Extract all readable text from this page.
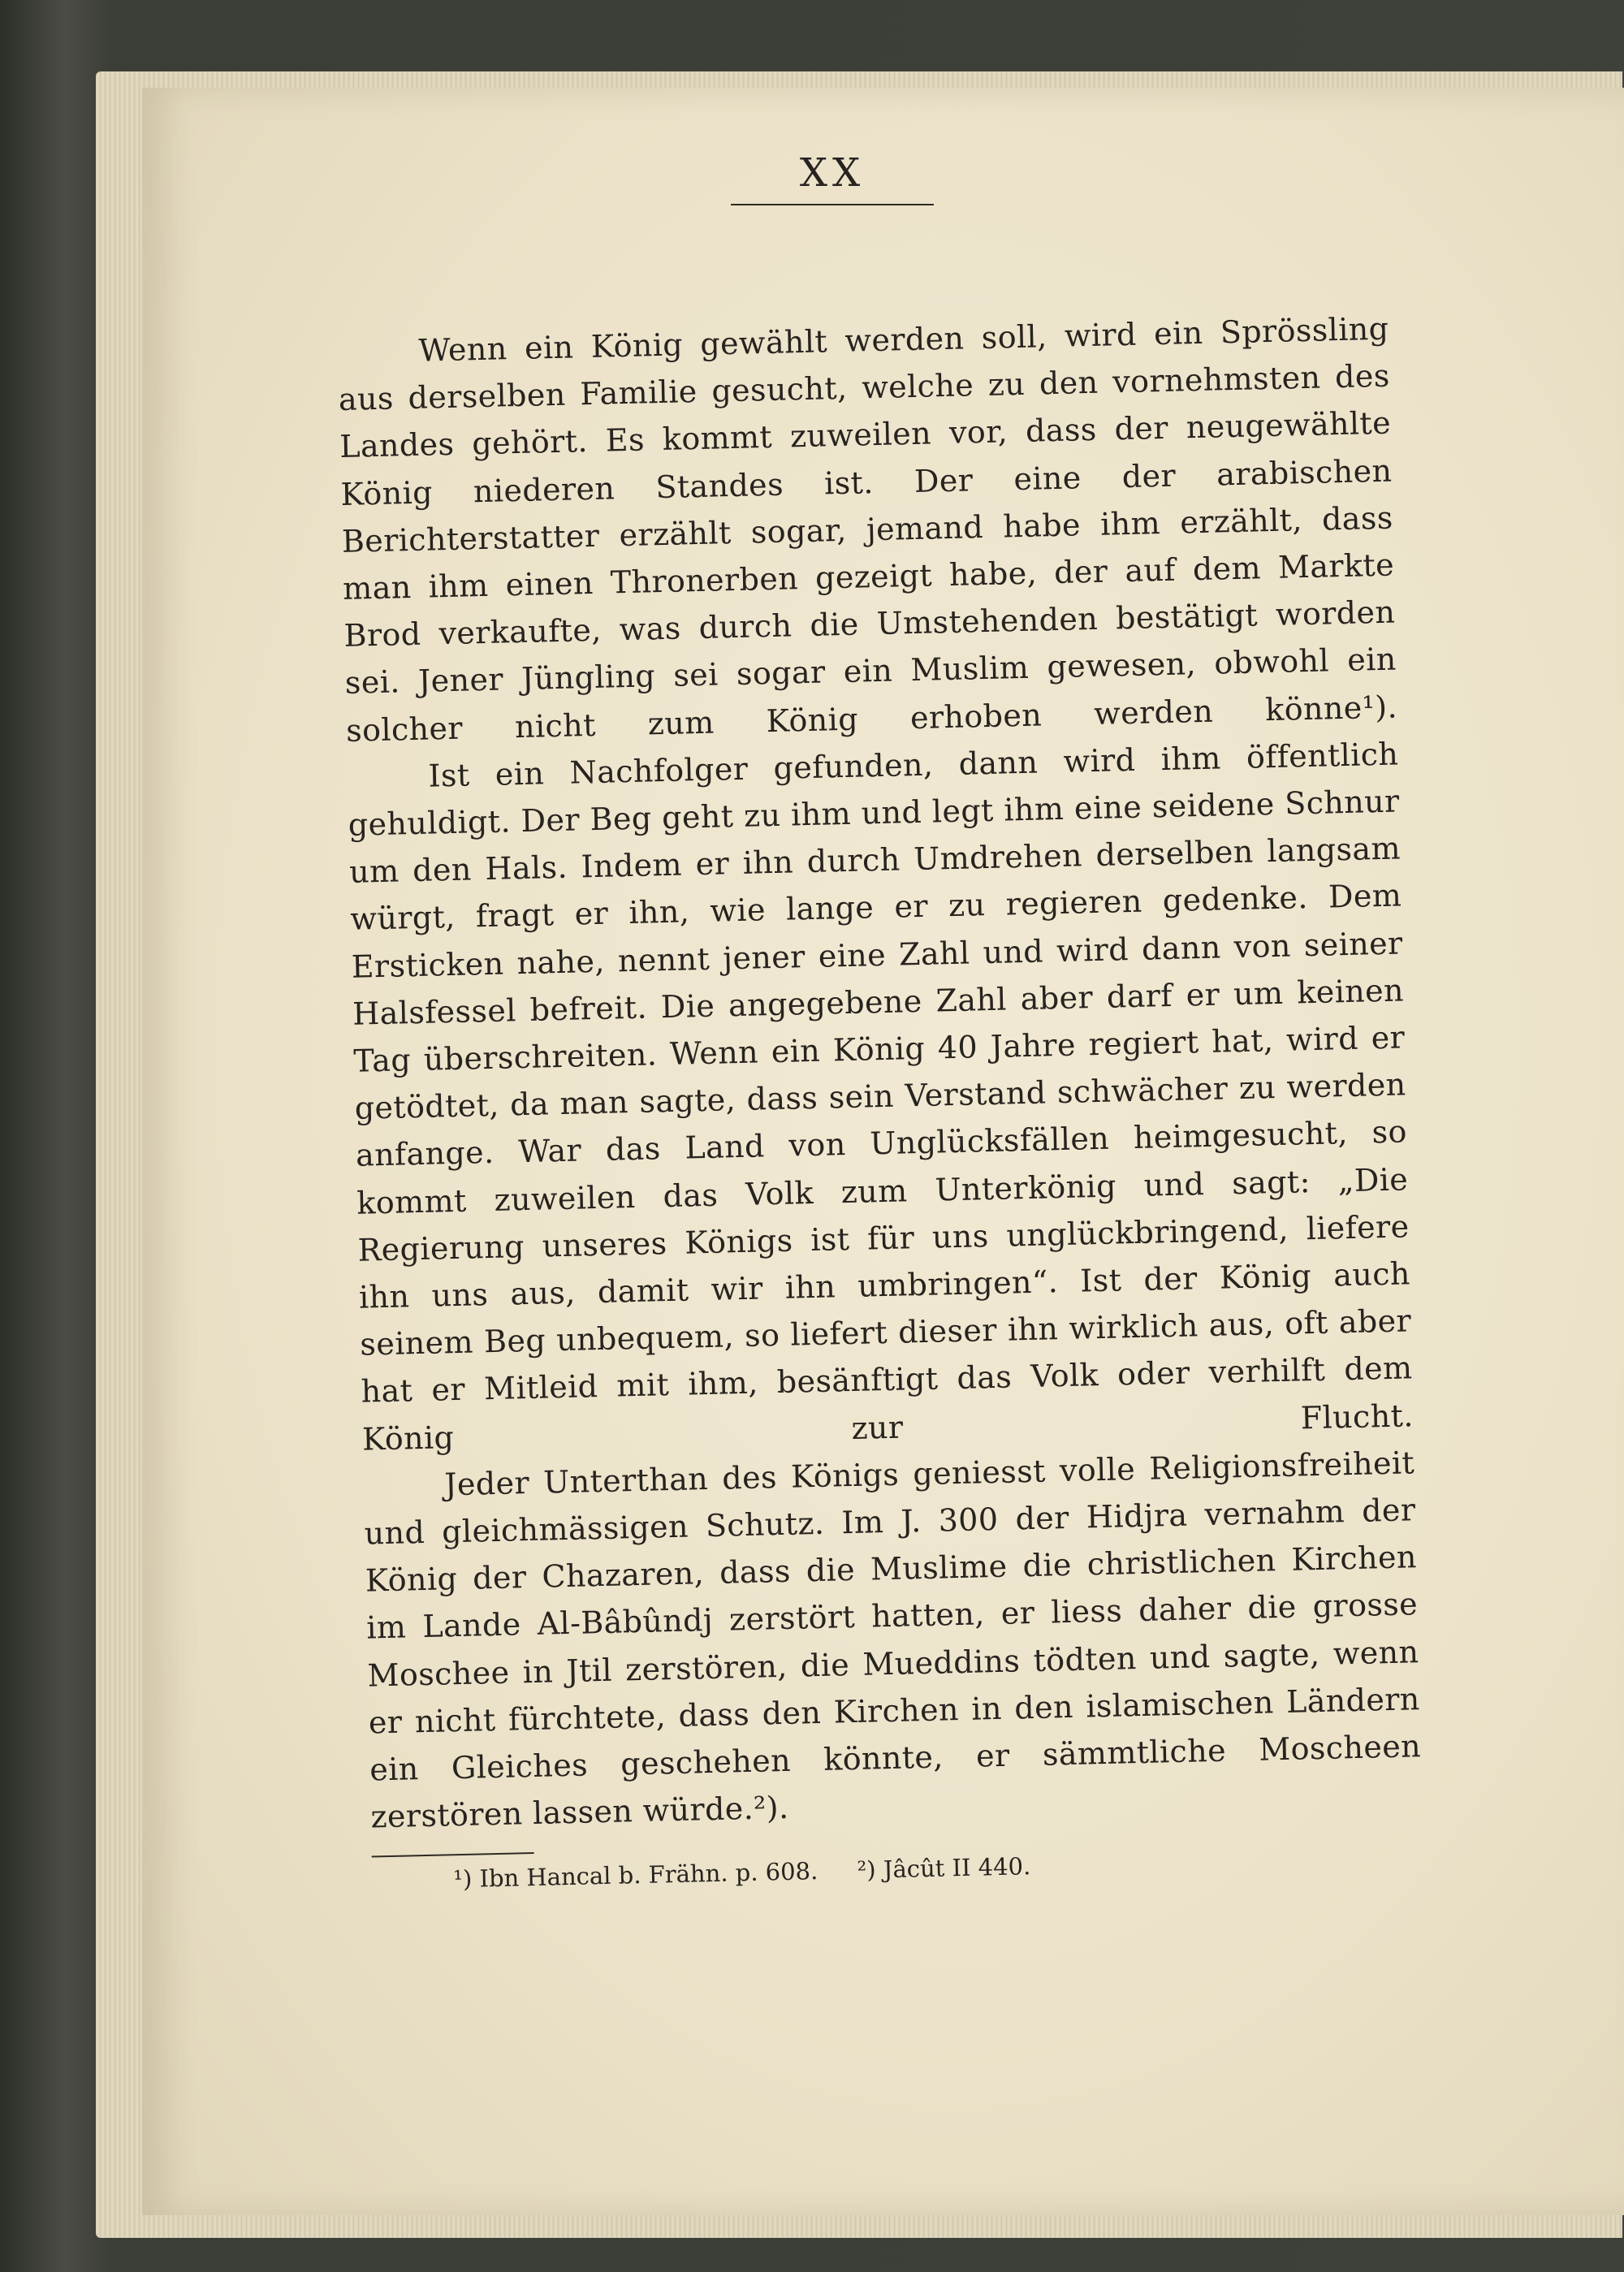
XX

Wenn ein König gewählt werden soll, wird ein Sprössling aus derselben Familie gesucht, welche zu den vornehmsten des Landes gehört. Es kommt zuweilen vor, dass der neugewählte König niederen Standes ist. Der eine der arabischen Berichterstatter erzählt sogar, jemand habe ihm erzählt, dass man ihm einen Thronerben gezeigt habe, der auf dem Markte Brod verkaufte, was durch die Umstehenden bestätigt worden sei. Jener Jüngling sei sogar ein Muslim gewesen, obwohl ein solcher nicht zum König erhoben werden könne¹).

Ist ein Nachfolger gefunden, dann wird ihm öffentlich gehuldigt. Der Beg geht zu ihm und legt ihm eine seidene Schnur um den Hals. Indem er ihn durch Umdrehen derselben langsam würgt, fragt er ihn, wie lange er zu regieren gedenke. Dem Ersticken nahe, nennt jener eine Zahl und wird dann von seiner Halsfessel befreit. Die angegebene Zahl aber darf er um keinen Tag überschreiten. Wenn ein König 40 Jahre regiert hat, wird er getödtet, da man sagte, dass sein Verstand schwächer zu werden anfange. War das Land von Unglücksfällen heimgesucht, so kommt zuweilen das Volk zum Unterkönig und sagt: „Die Regierung unseres Königs ist für uns unglückbringend, liefere ihn uns aus, damit wir ihn umbringen“. Ist der König auch seinem Beg unbequem, so liefert dieser ihn wirklich aus, oft aber hat er Mitleid mit ihm, besänftigt das Volk oder verhilft dem König zur Flucht.

Jeder Unterthan des Königs geniesst volle Religionsfreiheit und gleichmässigen Schutz. Im J. 300 der Hidjra vernahm der König der Chazaren, dass die Muslime die christlichen Kirchen im Lande Al-Bâbûndj zerstört hatten, er liess daher die grosse Moschee in Jtil zerstören, die Mueddins tödten und sagte, wenn er nicht fürchtete, dass den Kirchen in den islamischen Ländern ein Gleiches geschehen könnte, er sämmtliche Moscheen zerstören lassen würde.²).

¹) Ibn Hancal b. Frähn. p. 608. ²) Jâcût II 440.
